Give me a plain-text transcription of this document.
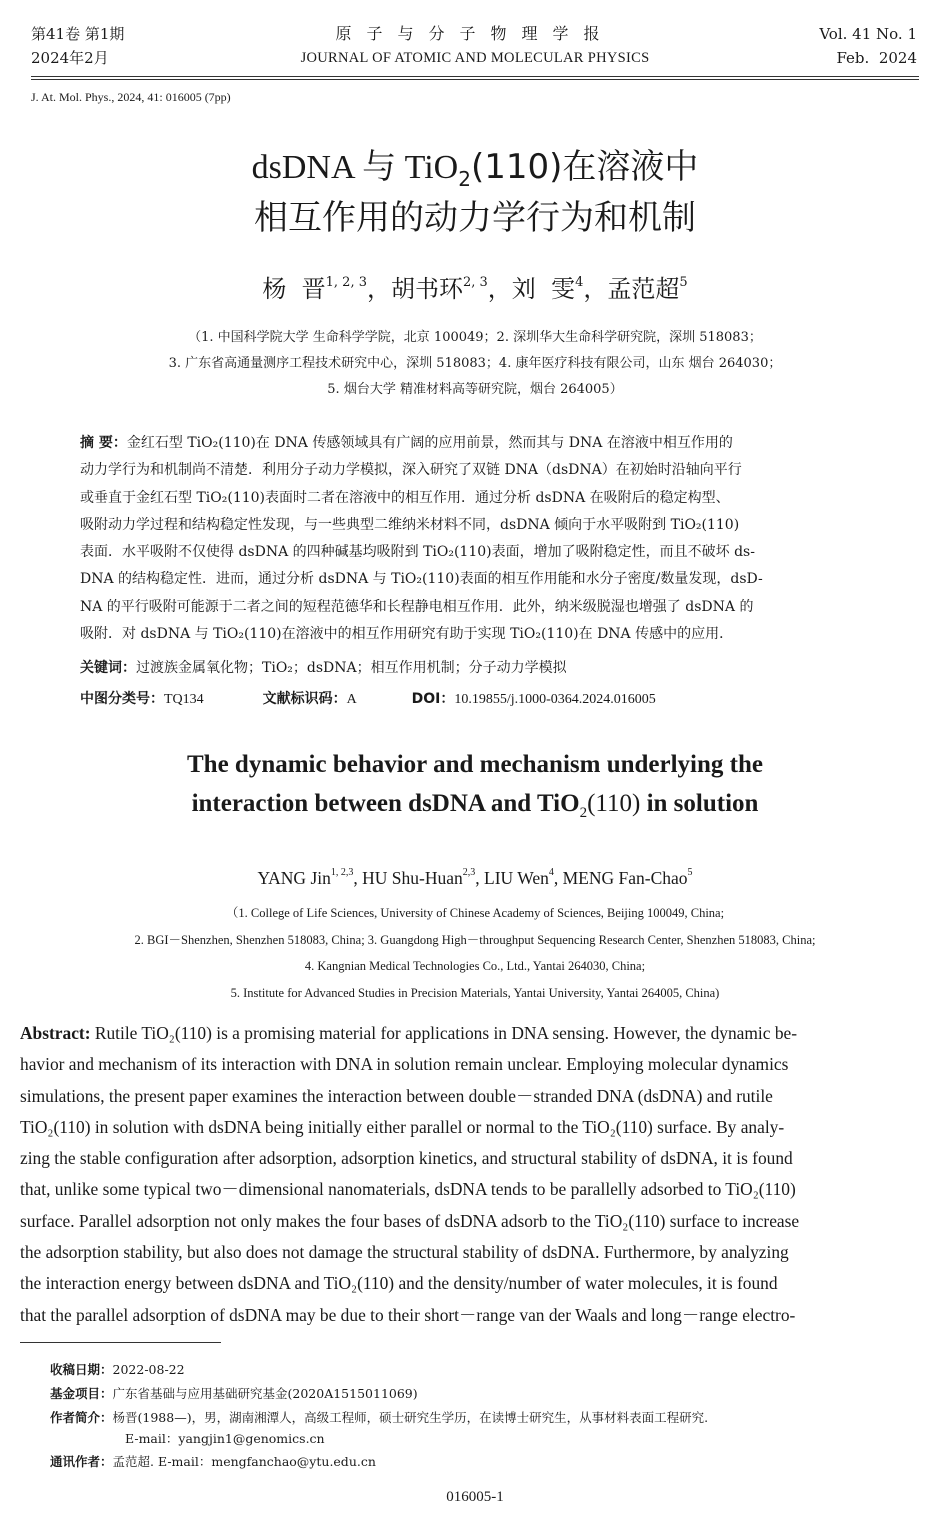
第41卷 第1期
2024年2月
原子与分子物理学报
JOURNAL OF ATOMIC AND MOLECULAR PHYSICS
Vol. 41 No. 1
Feb.  2024
J. At. Mol. Phys., 2024, 41: 016005 (7pp)
dsDNA 与 TiO$_2$(110)在溶液中
相互作用的动力学行为和机制
杨  晋$^{1, 2, 3}$，胡书环$^{2, 3}$，刘  雯$^4$，孟范超$^5$
（1. 中国科学院大学 生命科学学院，北京 100049；2. 深圳华大生命科学研究院，深圳 518083；
3. 广东省高通量测序工程技术研究中心，深圳 518083；4. 康年医疗科技有限公司，山东 烟台 264030；
5. 烟台大学 精准材料高等研究院，烟台 264005）
摘 要：金红石型 TiO₂(110)在 DNA 传感领域具有广阔的应用前景，然而其与 DNA 在溶液中相互作用的
动力学行为和机制尚不清楚．利用分子动力学模拟，深入研究了双链 DNA（dsDNA）在初始时沿轴向平行
或垂直于金红石型 TiO₂(110)表面时二者在溶液中的相互作用．通过分析 dsDNA 在吸附后的稳定构型、
吸附动力学过程和结构稳定性发现，与一些典型二维纳米材料不同，dsDNA 倾向于水平吸附到 TiO₂(110)
表面．水平吸附不仅使得 dsDNA 的四种碱基均吸附到 TiO₂(110)表面，增加了吸附稳定性，而且不破坏 ds-
DNA 的结构稳定性．进而，通过分析 dsDNA 与 TiO₂(110)表面的相互作用能和水分子密度/数量发现，dsD-
NA 的平行吸附可能源于二者之间的短程范德华和长程静电相互作用．此外，纳米级脱湿也增强了 dsDNA 的
吸附．对 dsDNA 与 TiO₂(110)在溶液中的相互作用研究有助于实现 TiO₂(110)在 DNA 传感中的应用．
关键词：过渡族金属氧化物；TiO₂；dsDNA；相互作用机制；分子动力学模拟
中图分类号：TQ134	文献标识码：A	DOI：10.19855/j.1000-0364.2024.016005
The dynamic behavior and mechanism underlying the
interaction between dsDNA and TiO$_2$(110) in solution
YANG Jin$^{1, 2,3}$, HU Shu-Huan$^{2,3}$, LIU Wen$^4$, MENG Fan-Chao$^5$
（1. College of Life Sciences, University of Chinese Academy of Sciences, Beijing 100049, China;
2. BGI－Shenzhen, Shenzhen 518083, China; 3. Guangdong High－throughput Sequencing Research Center, Shenzhen 518083, China;
4. Kangnian Medical Technologies Co., Ltd., Yantai 264030, China;
5. Institute for Advanced Studies in Precision Materials, Yantai University, Yantai 264005, China)
Abstract: Rutile TiO₂(110) is a promising material for applications in DNA sensing. However, the dynamic be-
havior and mechanism of its interaction with DNA in solution remain unclear. Employing molecular dynamics
simulations, the present paper examines the interaction between double－stranded DNA (dsDNA) and rutile
TiO₂(110) in solution with dsDNA being initially either parallel or normal to the TiO₂(110) surface. By analy-
zing the stable configuration after adsorption, adsorption kinetics, and structural stability of dsDNA, it is found
that, unlike some typical two－dimensional nanomaterials, dsDNA tends to be parallelly adsorbed to TiO₂(110)
surface. Parallel adsorption not only makes the four bases of dsDNA adsorb to the TiO₂(110) surface to increase
the adsorption stability, but also does not damage the structural stability of dsDNA. Furthermore, by analyzing
the interaction energy between dsDNA and TiO₂(110) and the density/number of water molecules, it is found
that the parallel adsorption of dsDNA may be due to their short－range van der Waals and long－range electro-
收稿日期：2022-08-22
基金项目：广东省基础与应用基础研究基金(2020A1515011069)
作者简介：杨晋(1988—)，男，湖南湘潭人，高级工程师，硕士研究生学历，在读博士研究生，从事材料表面工程研究.
E-mail：yangjin1@genomics.cn
通讯作者：孟范超. E-mail：mengfanchao@ytu.edu.cn
016005-1
